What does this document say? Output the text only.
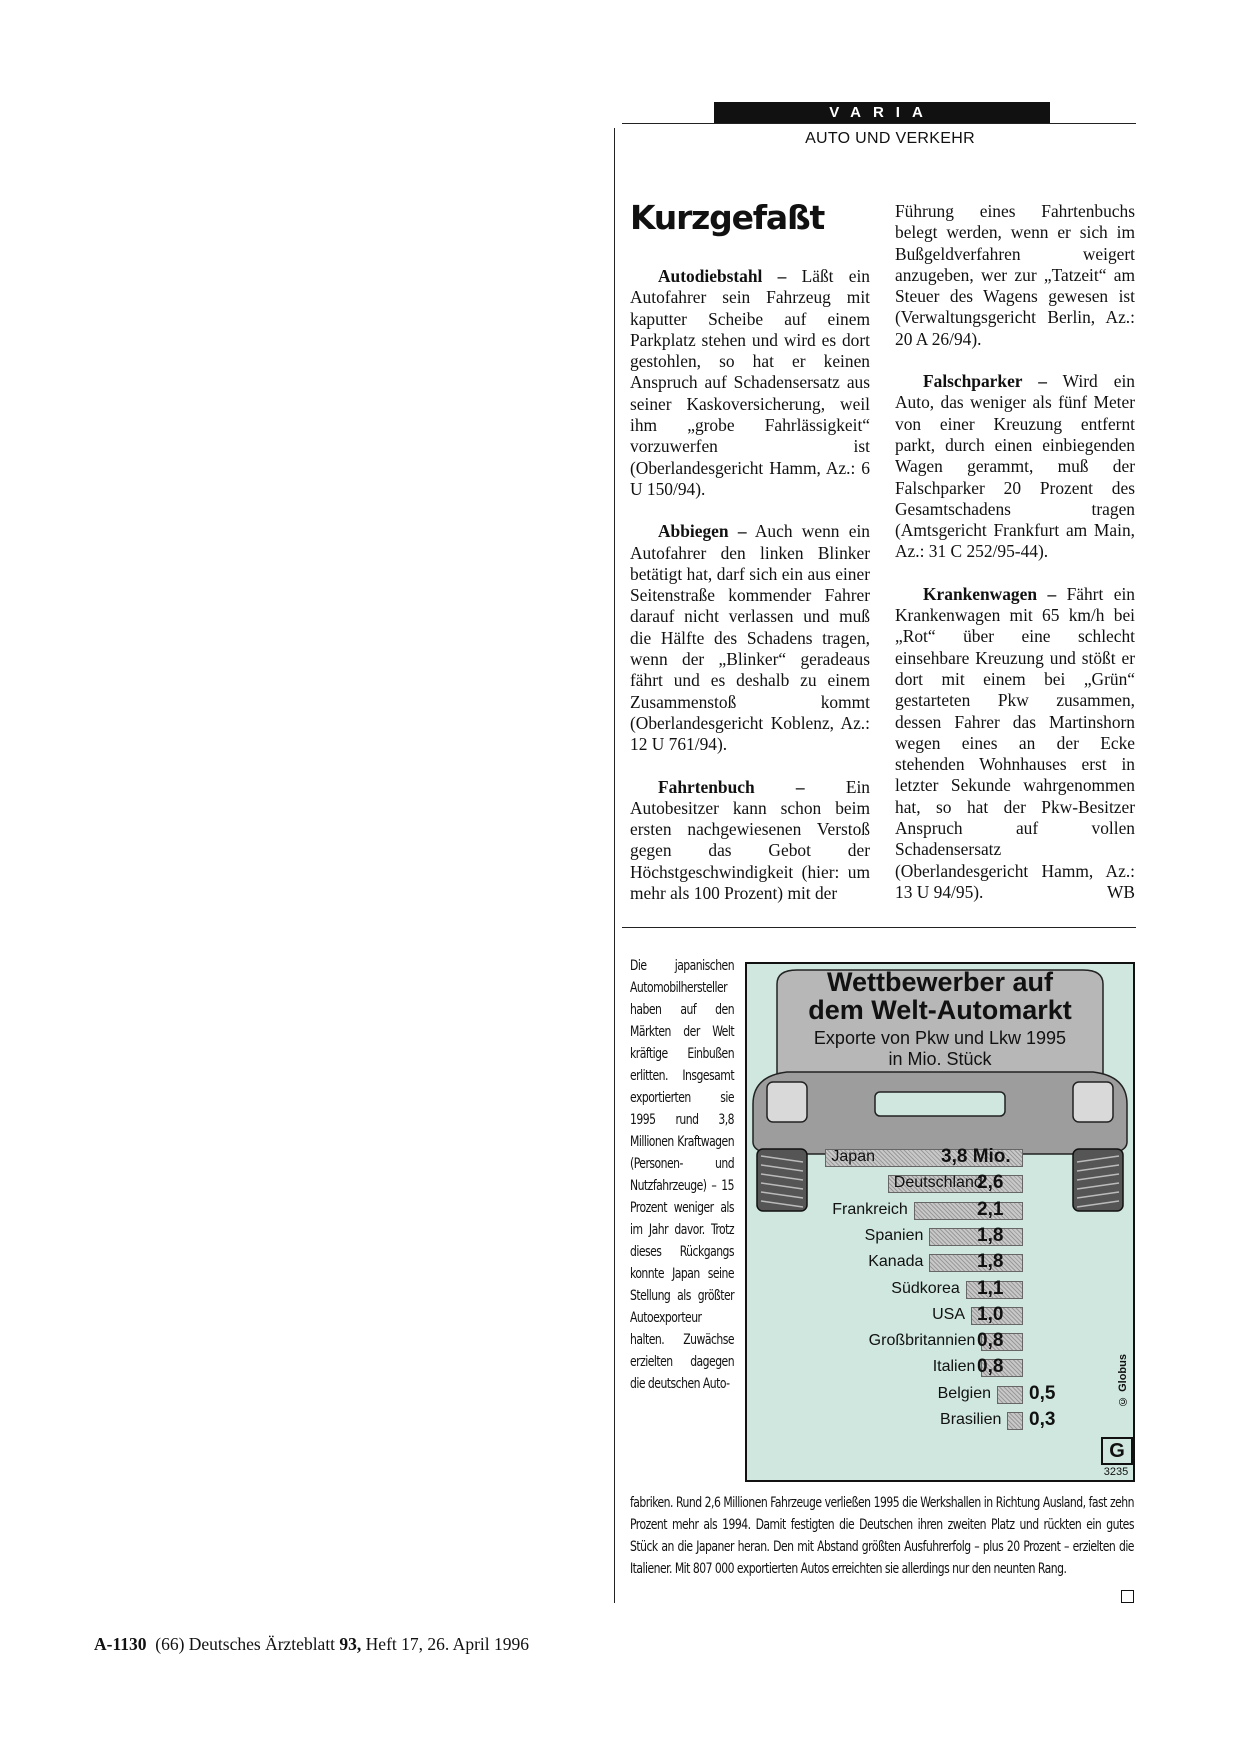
VARIA
AUTO UND VERKEHR
Kurzgefaßt

Autodiebstahl – Läßt ein Autofahrer sein Fahrzeug mit kaputter Scheibe auf einem Parkplatz stehen und wird es dort gestohlen, so hat er keinen Anspruch auf Schadensersatz aus seiner Kaskoversicherung, weil ihm „grobe Fahrlässigkeit“ vorzuwerfen ist (Oberlandesgericht Hamm, Az.: 6 U 150/94).

Abbiegen – Auch wenn ein Autofahrer den linken Blinker betätigt hat, darf sich ein aus einer Seitenstraße kommender Fahrer darauf nicht verlassen und muß die Hälfte des Schadens tragen, wenn der „Blinker“ geradeaus fährt und es deshalb zu einem Zusammenstoß kommt (Oberlandesgericht Koblenz, Az.: 12 U 761/94).

Fahrtenbuch – Ein Autobesitzer kann schon beim ersten nachgewiesenen Verstoß gegen das Gebot der Höchstgeschwindigkeit (hier: um mehr als 100 Prozent) mit der

Führung eines Fahrtenbuchs belegt werden, wenn er sich im Bußgeldverfahren weigert anzugeben, wer zur „Tatzeit“ am Steuer des Wagens gewesen ist (Verwaltungsgericht Berlin, Az.: 20 A 26/94).

Falschparker – Wird ein Auto, das weniger als fünf Meter von einer Kreuzung entfernt parkt, durch einen einbiegenden Wagen gerammt, muß der Falschparker 20 Prozent des Gesamtschadens tragen (Amtsgericht Frankfurt am Main, Az.: 31 C 252/95-44).

Krankenwagen – Fährt ein Krankenwagen mit 65 km/h bei „Rot“ über eine schlecht einsehbare Kreuzung und stößt er dort mit einem bei „Grün“ gestarteten Pkw zusammen, dessen Fahrer das Martinshorn wegen eines an der Ecke stehenden Wohnhauses erst in letzter Sekunde wahrgenommen hat, so hat der Pkw-Besitzer Anspruch auf vollen Schadensersatz (Oberlandesgericht Hamm, Az.: 13 U 94/95).	WB

Die japanischen Automobilhersteller haben auf den Märkten der Welt kräftige Einbußen erlitten. Insgesamt exportierten sie 1995 rund 3,8 Millionen Kraftwagen (Personen- und Nutzfahrzeuge) – 15 Prozent weniger als im Jahr davor. Trotz dieses Rückgangs konnte Japan seine Stellung als größter Autoexporteur halten. Zuwächse erzielten dagegen die deutschen Auto-
Wettbewerber auf
dem Welt-Automarkt
Exporte von Pkw und Lkw 1995
in Mio. Stück
Japan	3,8 Mio.
Deutschland
2,6
Frankreich	2,1
Spanien	1,8
Kanada	1,8
Südkorea 1,1
USA 1,0
Großbritannien 0,8
Italien 0,8
Belgien 0,5
Brasilien 0,3
© Globus
G
3235
fabriken. Rund 2,6 Millionen Fahrzeuge verließen 1995 die Werkshallen in Richtung Ausland, fast zehn Prozent mehr als 1994. Damit festigten die Deutschen ihren zweiten Platz und rückten ein gutes Stück an die Japaner heran. Den mit Abstand größten Ausfuhrerfolg – plus 20 Prozent – erzielten die Italiener. Mit 807 000 exportierten Autos erreichten sie allerdings nur den neunten Rang.
A-1130 (66) Deutsches Ärzteblatt 93, Heft 17, 26. April 1996
